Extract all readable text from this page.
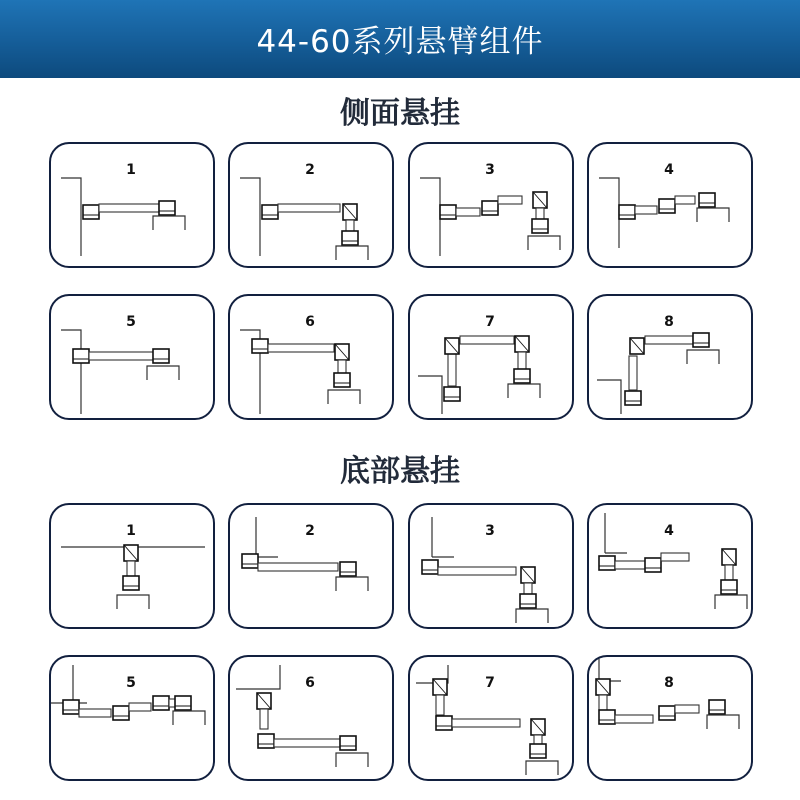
44-60系列悬臂组件
侧面悬挂
底部悬挂
1	2	3	4
5	6	7	8
1	2	3	4
5	6	7	8
